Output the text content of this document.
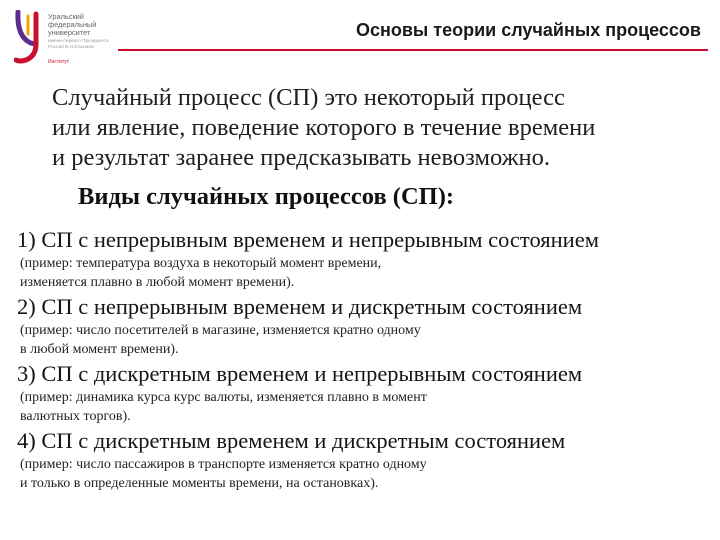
Уральский
федеральный
университет
имени первого Президента
России Б.Н.Ельцина
Институт
Основы теории случайных процессов
Случайный процесс (СП) это некоторый процесс
или явление, поведение которого в течение времени
и результат заранее предсказывать невозможно.
Виды случайных процессов (СП):
1) СП с непрерывным временем и непрерывным состоянием
(пример: температура воздуха в некоторый момент времени,
изменяется плавно в любой момент времени).
2) СП с непрерывным временем и дискретным состоянием
(пример: число посетителей в магазине, изменяется кратно одному
в любой момент времени).
3) СП с дискретным временем и непрерывным состоянием
(пример: динамика курса курс валюты, изменяется плавно в момент
валютных торгов).
4) СП с дискретным временем и дискретным состоянием
(пример: число пассажиров в транспорте изменяется кратно одному
и только в определенные моменты времени, на остановках).
